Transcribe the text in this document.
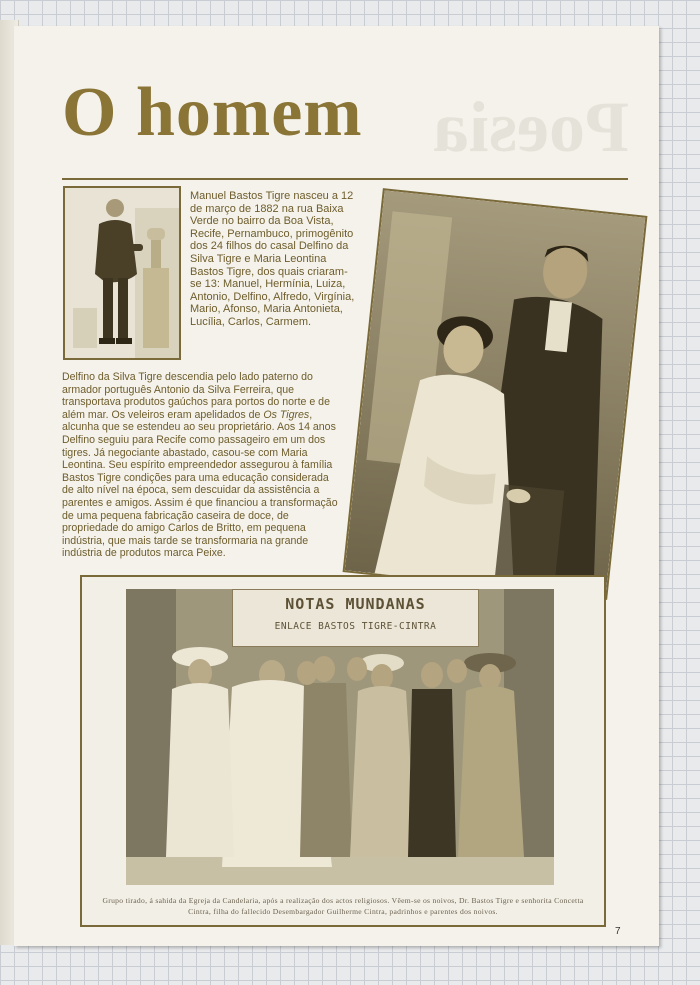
Poesia
O homem
Manuel Bastos Tigre nasceu a 12 de março de 1882 na rua Baixa Verde no bairro da Boa Vista, Recife, Pernambuco, primogênito dos 24 filhos do casal Delfino da Silva Tigre e Maria Leontina Bastos Tigre, dos quais criaram-se 13: Manuel, Hermínia, Luiza, Antonio, Delfino, Alfredo, Virgínia, Mario, Afonso, Maria Antonieta, Lucília, Carlos, Carmem.
Delfino da Silva Tigre descendia pelo lado paterno do armador português Antonio da Silva Ferreira, que transportava produtos gaúchos para portos do norte e de além mar. Os veleiros eram apelidados de Os Tigres, alcunha que se estendeu ao seu proprietário. Aos 14 anos Delfino seguiu para Recife como passageiro em um dos tigres. Já negociante abastado, casou-se com Maria Leontina. Seu espírito empreendedor assegurou à família Bastos Tigre condições para uma educação considerada de alto nível na época, sem descuidar da assistência a parentes e amigos. Assim é que financiou a transformação de uma pequena fabricação caseira de doce, de propriedade do amigo Carlos de Britto, em pequena indústria, que mais tarde se transformaria na grande indústria de produtos marca Peixe.
NOTAS MUNDANAS
ENLACE BASTOS TIGRE-CINTRA
Grupo tirado, á sahida da Egreja da Candelaria, após a realização dos actos religiosos. Vêem-se os noivos, Dr. Bastos Tigre e senhorita Concetta Cintra, filha do fallecido Desembargador Guilherme Cintra, padrinhos e parentes dos noivos.
7
